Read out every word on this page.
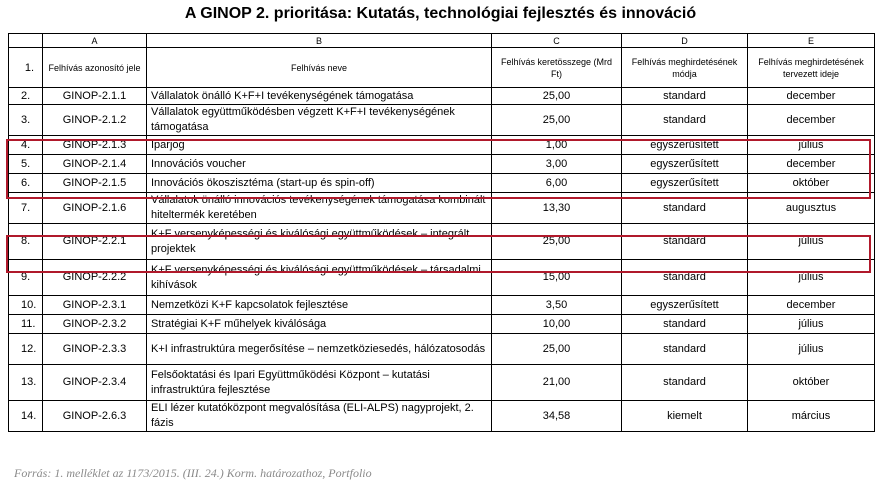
A GINOP 2. prioritása: Kutatás, technológiai fejlesztés és innováció
	A	B	C	D	E
1.	Felhívás azonosító jele	Felhívás neve	Felhívás keretösszege (Mrd Ft)	Felhívás meghirdetésének módja	Felhívás meghirdetésének tervezett ideje
2.	GINOP-2.1.1	Vállalatok önálló K+F+I tevékenységének támogatása	25,00	standard	december
3.	GINOP-2.1.2	Vállalatok együttműködésben végzett K+F+I tevékenységének támogatása	25,00	standard	december
4.	GINOP-2.1.3	Iparjog	1,00	egyszerűsített	július
5.	GINOP-2.1.4	Innovációs voucher	3,00	egyszerűsített	december
6.	GINOP-2.1.5	Innovációs ökoszisztéma (start-up és spin-off)	6,00	egyszerűsített	október
7.	GINOP-2.1.6	Vállalatok önálló innovációs tevékenységének támogatása kombinált hiteltermék keretében	13,30	standard	augusztus
8.	GINOP-2.2.1	K+F versenyképességi és kiválósági együttműködések – integrált projektek	25,00	standard	július
9.	GINOP-2.2.2	K+F versenyképességi és kiválósági együttműködések – társadalmi kihívások	15,00	standard	július
10.	GINOP-2.3.1	Nemzetközi K+F kapcsolatok fejlesztése	3,50	egyszerűsített	december
11.	GINOP-2.3.2	Stratégiai K+F műhelyek kiválósága	10,00	standard	július
12.	GINOP-2.3.3	K+I infrastruktúra megerősítése – nemzetköziesedés, hálózatosodás	25,00	standard	július
13.	GINOP-2.3.4	Felsőoktatási és Ipari Együttműködési Központ – kutatási infrastruktúra fejlesztése	21,00	standard	október
14.	GINOP-2.6.3	ELI lézer kutatóközpont megvalósítása (ELI-ALPS) nagyprojekt, 2. fázis	34,58	kiemelt	március
Forrás: 1. melléklet az 1173/2015. (III. 24.) Korm. határozathoz, Portfolio
